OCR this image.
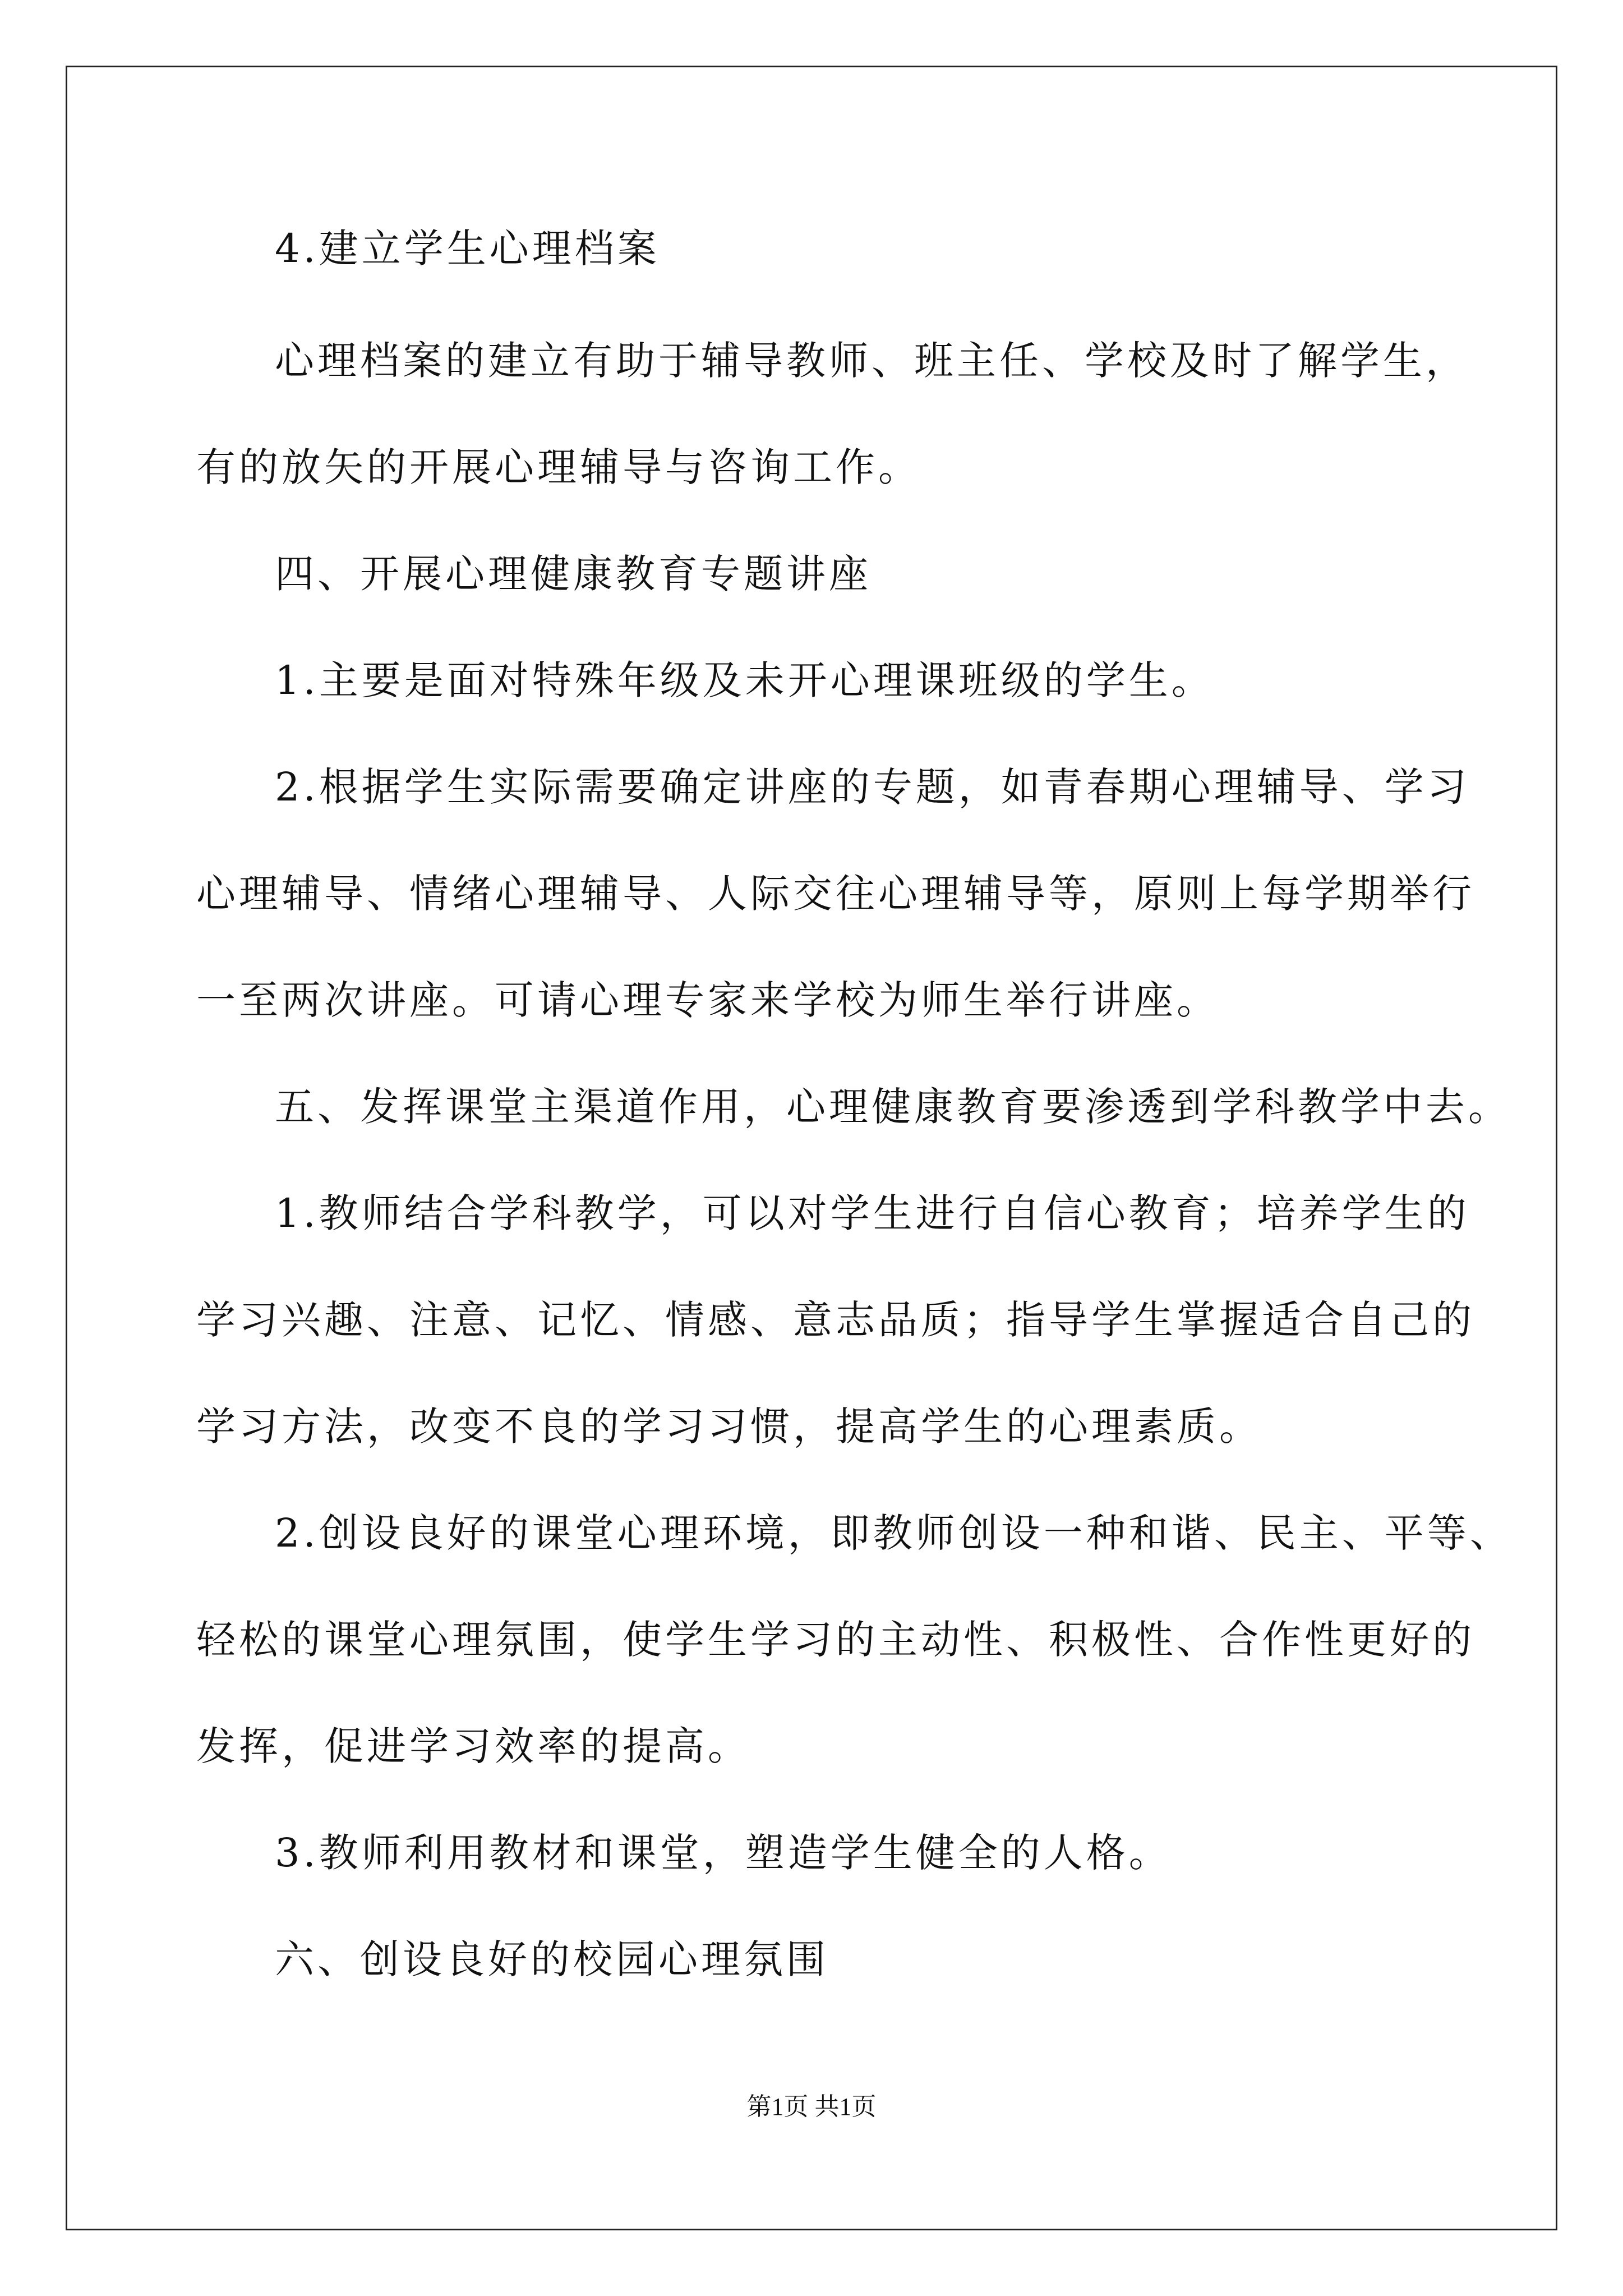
4.建立学生心理档案
心理档案的建立有助于辅导教师、班主任、学校及时了解学生，
有的放矢的开展心理辅导与咨询工作。
四、开展心理健康教育专题讲座
1.主要是面对特殊年级及未开心理课班级的学生。
2.根据学生实际需要确定讲座的专题，如青春期心理辅导、学习
心理辅导、情绪心理辅导、人际交往心理辅导等，原则上每学期举行
一至两次讲座。可请心理专家来学校为师生举行讲座。
五、发挥课堂主渠道作用，心理健康教育要渗透到学科教学中去。
1.教师结合学科教学，可以对学生进行自信心教育；培养学生的
学习兴趣、注意、记忆、情感、意志品质；指导学生掌握适合自己的
学习方法，改变不良的学习习惯，提高学生的心理素质。
2.创设良好的课堂心理环境，即教师创设一种和谐、民主、平等、
轻松的课堂心理氛围，使学生学习的主动性、积极性、合作性更好的
发挥，促进学习效率的提高。
3.教师利用教材和课堂，塑造学生健全的人格。
六、创设良好的校园心理氛围
第1页 共1页
